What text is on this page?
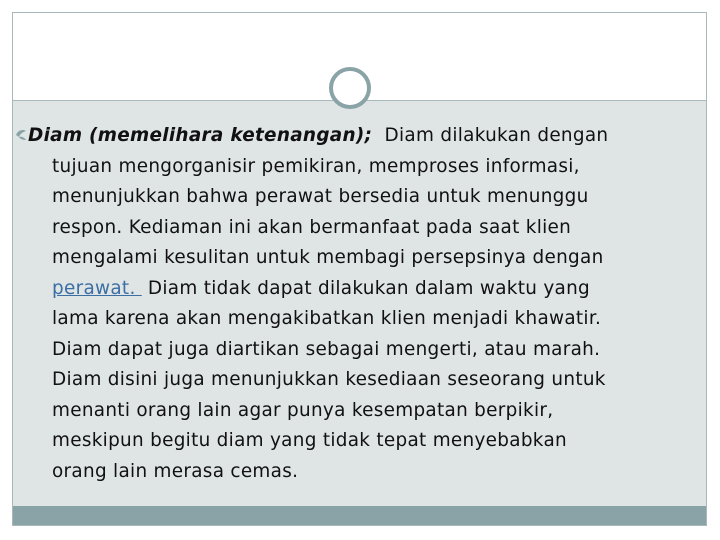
Diam (memelihara ketenangan); Diam dilakukan dengan
tujuan mengorganisir pemikiran, memproses informasi,
menunjukkan bahwa perawat bersedia untuk menunggu
respon. Kediaman ini akan bermanfaat pada saat klien
mengalami kesulitan untuk membagi persepsinya dengan
perawat.  Diam tidak dapat dilakukan dalam waktu yang
lama karena akan mengakibatkan klien menjadi khawatir.
Diam dapat juga diartikan sebagai mengerti, atau marah.
Diam disini juga menunjukkan kesediaan seseorang untuk
menanti orang lain agar punya kesempatan berpikir,
meskipun begitu diam yang tidak tepat menyebabkan
orang lain merasa cemas.
